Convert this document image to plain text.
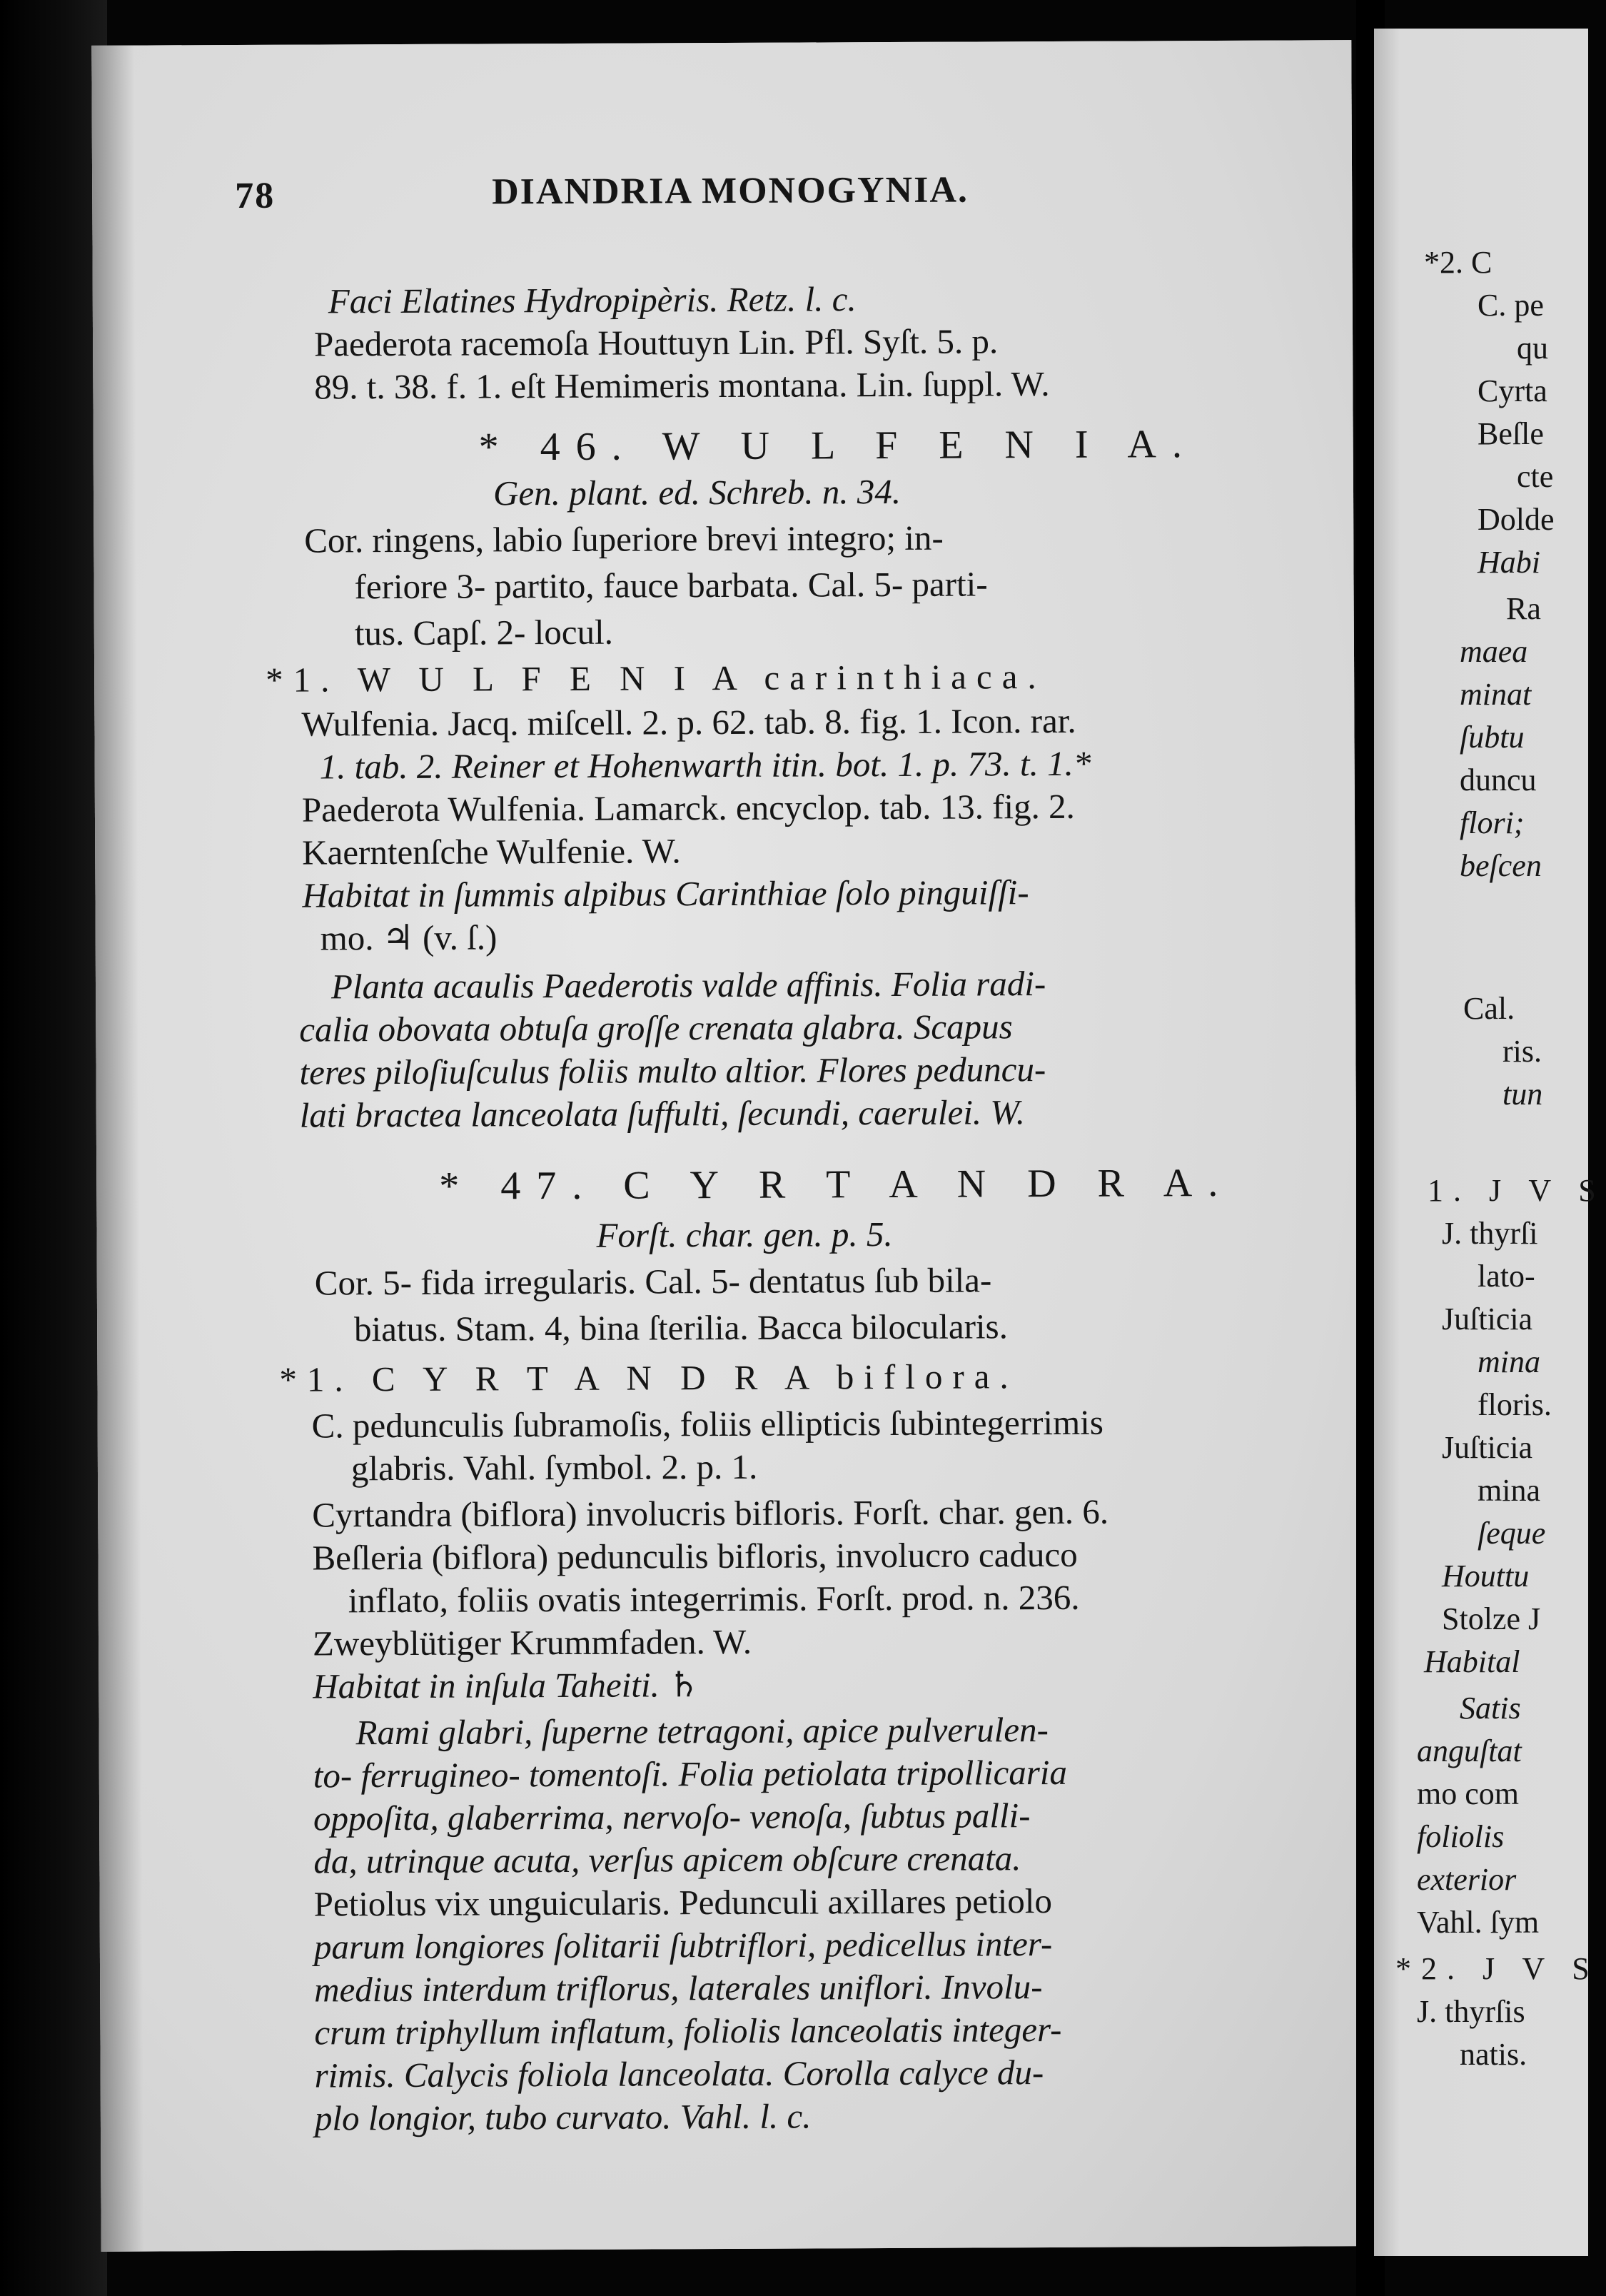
78	DIANDRIA MONOGYNIA.
Faci Elatines Hydropipèris. Retz. l. c.
Paederota racemoſa Houttuyn Lin. Pfl. Syſt. 5. p.
89. t. 38. f. 1. eſt Hemimeris montana. Lin. ſuppl. W.
* 46. W U L F E N I A.
Gen. plant. ed. Schreb. n. 34.
Cor. ringens, labio ſuperiore brevi integro; in-
feriore 3- partito, fauce barbata. Cal. 5- parti-
tus. Capſ. 2- locul.
*1. W U L F E N I A carinthiaca.
Wulfenia. Jacq. miſcell. 2. p. 62. tab. 8. fig. 1. Icon. rar.
1. tab. 2. Reiner et Hohenwarth itin. bot. 1. p. 73. t. 1.*
Paederota Wulfenia. Lamarck. encyclop. tab. 13. fig. 2.
Kaerntenſche Wulfenie. W.
Habitat in ſummis alpibus Carinthiae ſolo pinguiſſi-
mo. ♃ (v. ſ.)
Planta acaulis Paederotis valde affinis. Folia radi-
calia obovata obtuſa groſſe crenata glabra. Scapus
teres piloſiuſculus foliis multo altior. Flores peduncu-
lati bractea lanceolata ſuffulti, ſecundi, caerulei. W.
* 47. C Y R T A N D R A.
Forſt. char. gen. p. 5.
Cor. 5- fida irregularis. Cal. 5- dentatus ſub bila-
biatus. Stam. 4, bina ſterilia. Bacca bilocularis.
*1. C Y R T A N D R A biflora.
C. pedunculis ſubramoſis, foliis ellipticis ſubintegerrimis
glabris. Vahl. ſymbol. 2. p. 1.
Cyrtandra (biflora) involucris bifloris. Forſt. char. gen. 6.
Beſleria (biflora) pedunculis bifloris, involucro caduco
inflato, foliis ovatis integerrimis. Forſt. prod. n. 236.
Zweyblütiger Krummfaden. W.
Habitat in inſula Taheiti. ♄
Rami glabri, ſuperne tetragoni, apice pulverulen-
to- ferrugineo- tomentoſi. Folia petiolata tripollicaria
oppoſita, glaberrima, nervoſo- venoſa, ſubtus palli-
da, utrinque acuta, verſus apicem obſcure crenata.
Petiolus vix unguicularis. Pedunculi axillares petiolo
parum longiores ſolitarii ſubtriflori, pedicellus inter-
medius interdum triflorus, laterales uniflori. Involu-
crum triphyllum inflatum, foliolis lanceolatis integer-
rimis. Calycis foliola lanceolata. Corolla calyce du-
plo longior, tubo curvato. Vahl. l. c.
*2. C
C. pe
qu
Cyrta
Beſle
cte
Dolde
Habi
Ra
maea
minat
ſubtu
duncu
flori;
beſcen
Cal.
ris.
tun
1. J V S
J. thyrſi
lato-
Juſticia
mina
floris.
Juſticia
mina
ſeque
Houttu
Stolze J
Habital
Satis
anguſtat
mo com
foliolis
exterior
Vahl. ſym
*2. J V S
J. thyrſis
natis.
